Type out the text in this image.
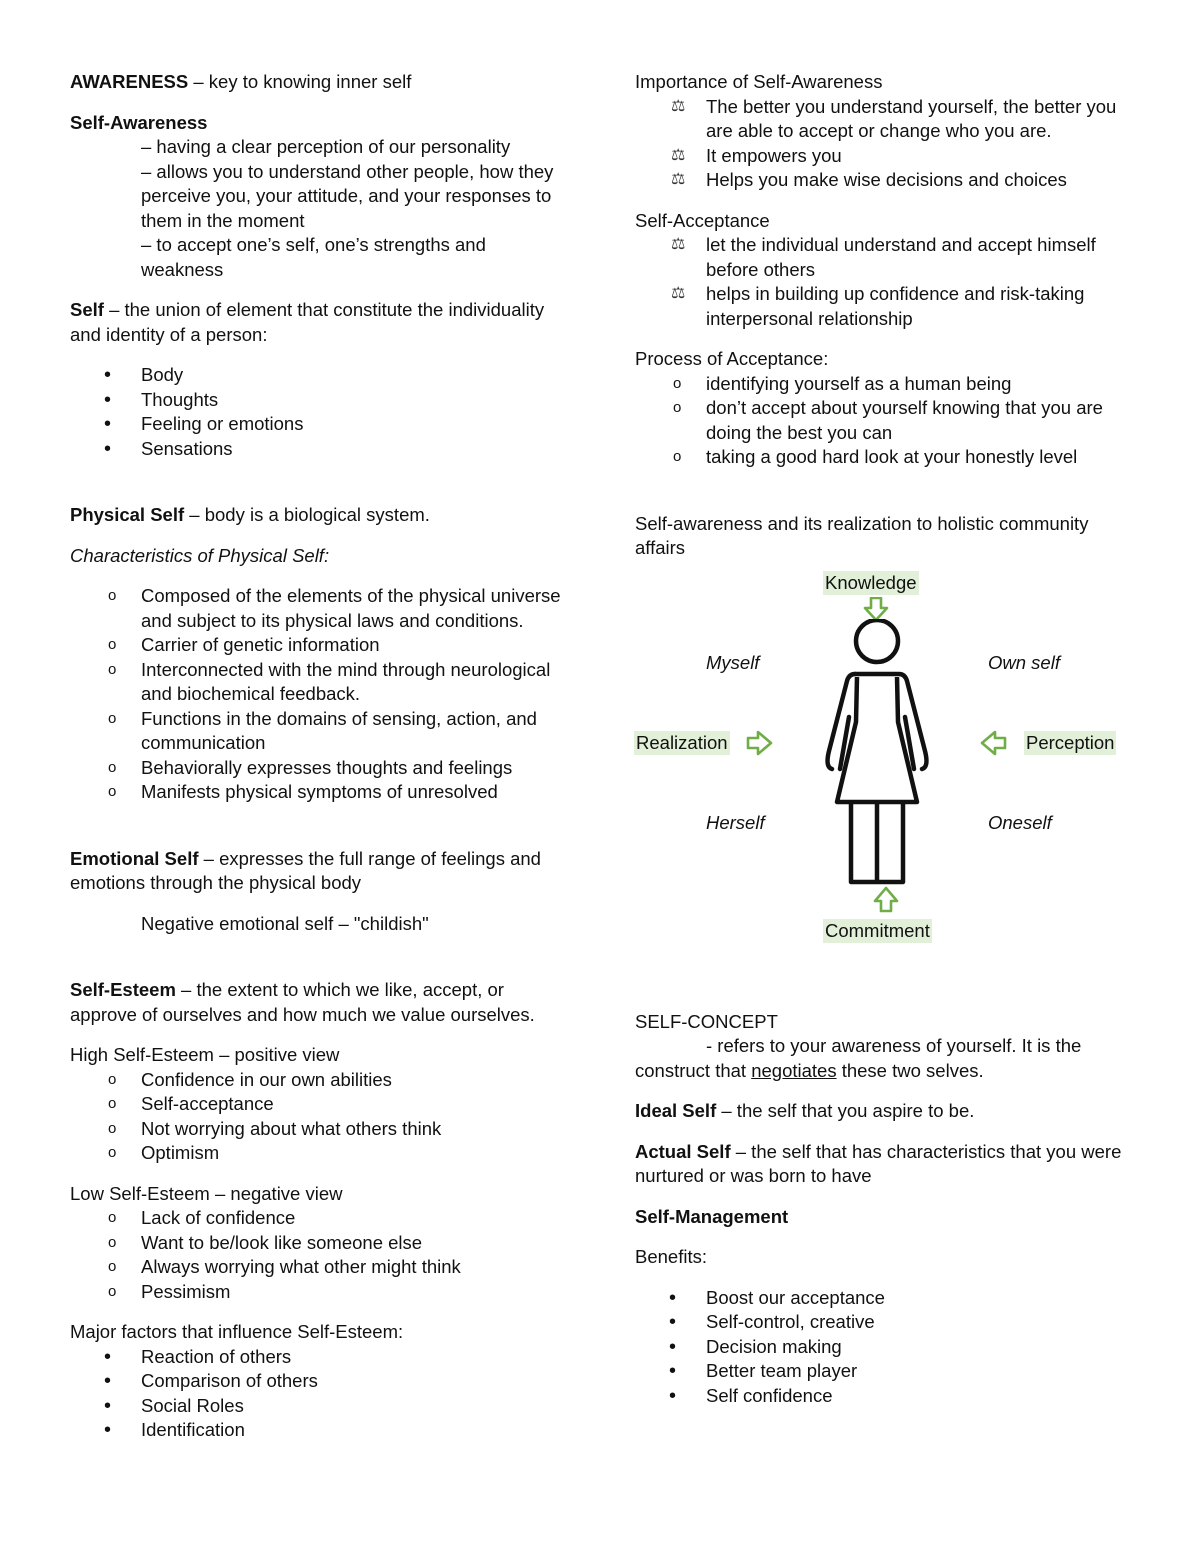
AWARENESS – key to knowing inner self

Self-Awareness

– having a clear perception of our personality
– allows you to understand other people, how they perceive you, your attitude, and your responses to them in the moment
– to accept one’s self, one’s strengths and weakness

Self – the union of element that constitute the individuality and identity of a person:

• Body
• Thoughts
• Feeling or emotions
• Sensations

Physical Self – body is a biological system.

Characteristics of Physical Self:

o Composed of the elements of the physical universe and subject to its physical laws and conditions.
o Carrier of genetic information
o Interconnected with the mind through neurological and biochemical feedback.
o Functions in the domains of sensing, action, and communication
o Behaviorally expresses thoughts and feelings
o Manifests physical symptoms of unresolved

Emotional Self – expresses the full range of feelings and emotions through the physical body

Negative emotional self – "childish"

Self-Esteem – the extent to which we like, accept, or approve of ourselves and how much we value ourselves.

High Self-Esteem – positive view
o Confidence in our own abilities
o Self-acceptance
o Not worrying about what others think
o Optimism
Low Self-Esteem – negative view
o Lack of confidence
o Want to be/look like someone else
o Always worrying what other might think
o Pessimism
Major factors that influence Self-Esteem:
• Reaction of others
• Comparison of others
• Social Roles
• Identification
Importance of Self-Awareness
⚖ The better you understand yourself, the better you are able to accept or change who you are.
⚖ It empowers you
⚖ Helps you make wise decisions and choices
Self-Acceptance
⚖ let the individual understand and accept himself before others
⚖ helps in building up confidence and risk-taking interpersonal relationship
Process of Acceptance:
o identifying yourself as a human being
o don’t accept about yourself knowing that you are doing the best you can
o taking a good hard look at your honestly level
Self-awareness and its realization to holistic community affairs
Knowledge
Myself	Own self
Realization	Perception
Herself	Oneself
Commitment
SELF-CONCEPT

- refers to your awareness of yourself. It is the construct that negotiates these two selves.

Ideal Self – the self that you aspire to be.

Actual Self – the self that has characteristics that you were nurtured or was born to have

Self-Management

Benefits:

• Boost our acceptance
• Self-control, creative
• Decision making
• Better team player
• Self confidence
